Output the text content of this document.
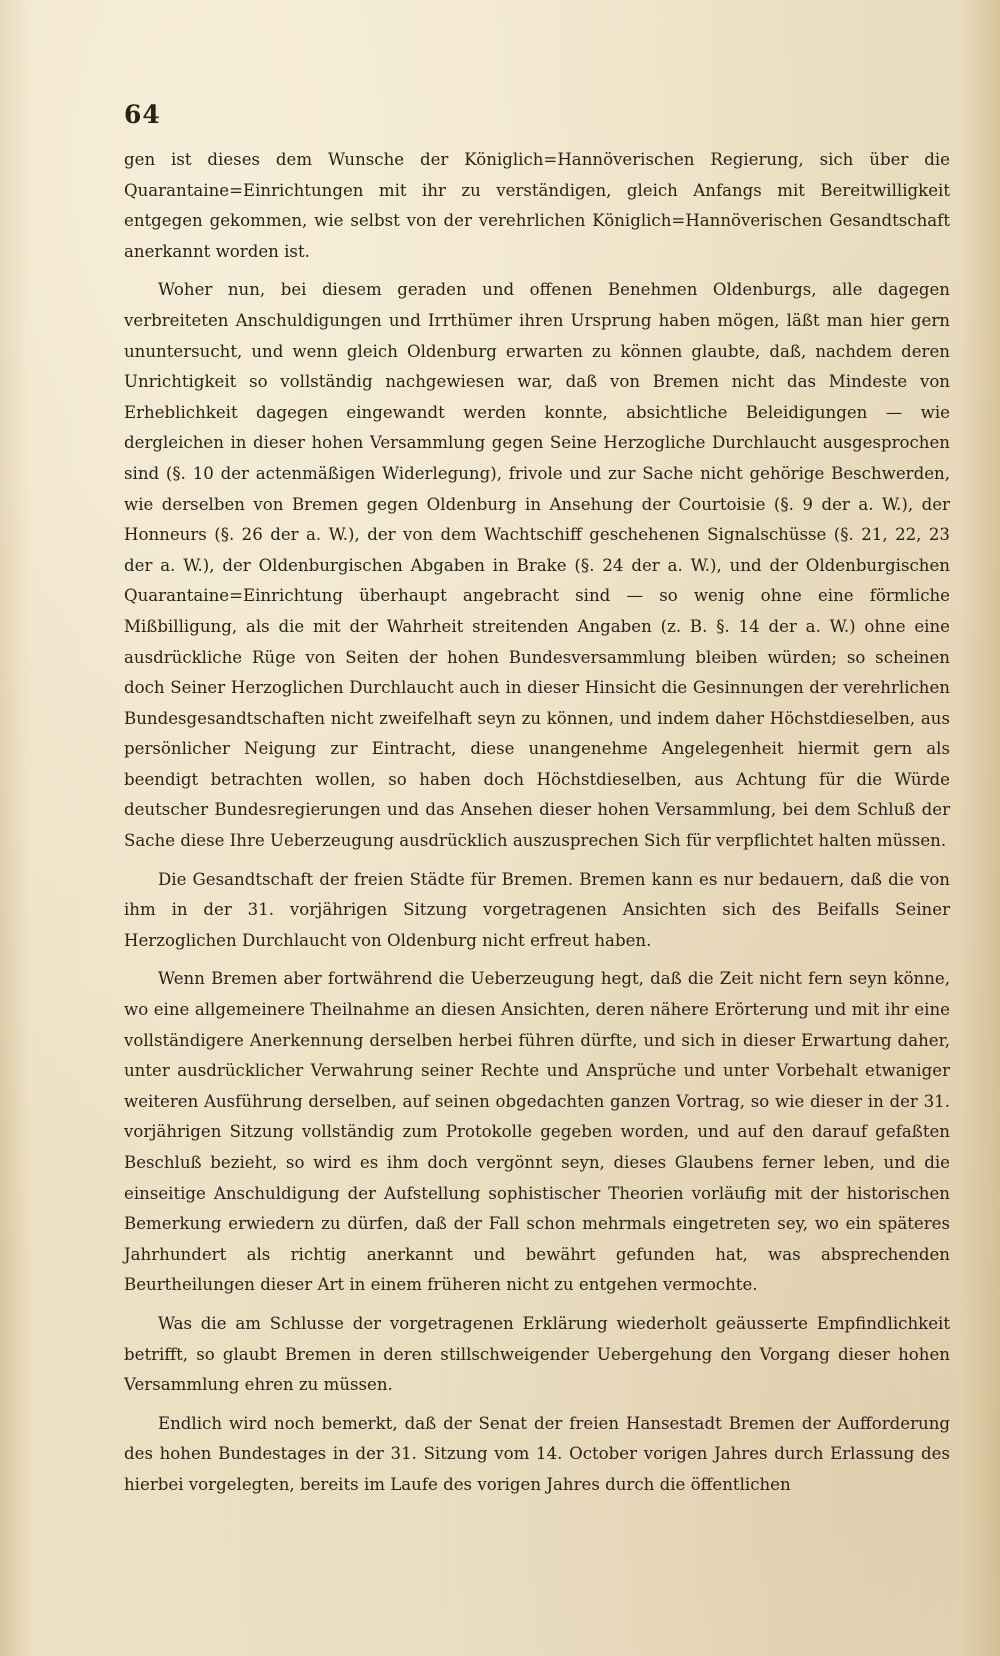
64

gen ist dieses dem Wunsche der Königlich=Hannöverischen Regierung, sich über die Quarantaine=Einrichtungen mit ihr zu verständigen, gleich Anfangs mit Bereitwilligkeit entgegen gekommen, wie selbst von der verehrlichen Königlich=Hannöverischen Gesandtschaft anerkannt worden ist.

Woher nun, bei diesem geraden und offenen Benehmen Oldenburgs, alle dagegen verbreiteten Anschuldigungen und Irrthümer ihren Ursprung haben mögen, läßt man hier gern ununtersucht, und wenn gleich Oldenburg erwarten zu können glaubte, daß, nachdem deren Unrichtigkeit so vollständig nachgewiesen war, daß von Bremen nicht das Mindeste von Erheblichkeit dagegen eingewandt werden konnte, absichtliche Beleidigungen — wie dergleichen in dieser hohen Versammlung gegen Seine Herzogliche Durchlaucht ausgesprochen sind (§. 10 der actenmäßigen Widerlegung), frivole und zur Sache nicht gehörige Beschwerden, wie derselben von Bremen gegen Oldenburg in Ansehung der Courtoisie (§. 9 der a. W.), der Honneurs (§. 26 der a. W.), der von dem Wachtschiff geschehenen Signalschüsse (§. 21, 22, 23 der a. W.), der Oldenburgischen Abgaben in Brake (§. 24 der a. W.), und der Oldenburgischen Quarantaine=Einrichtung überhaupt angebracht sind — so wenig ohne eine förmliche Mißbilligung, als die mit der Wahrheit streitenden Angaben (z. B. §. 14 der a. W.) ohne eine ausdrückliche Rüge von Seiten der hohen Bundesversammlung bleiben würden; so scheinen doch Seiner Herzoglichen Durchlaucht auch in dieser Hinsicht die Gesinnungen der verehrlichen Bundesgesandtschaften nicht zweifelhaft seyn zu können, und indem daher Höchstdieselben, aus persönlicher Neigung zur Eintracht, diese unangenehme Angelegenheit hiermit gern als beendigt betrachten wollen, so haben doch Höchstdieselben, aus Achtung für die Würde deutscher Bundesregierungen und das Ansehen dieser hohen Versammlung, bei dem Schluß der Sache diese Ihre Ueberzeugung ausdrücklich auszusprechen Sich für verpflichtet halten müssen.

Die Gesandtschaft der freien Städte für Bremen. Bremen kann es nur bedauern, daß die von ihm in der 31. vorjährigen Sitzung vorgetragenen Ansichten sich des Beifalls Seiner Herzoglichen Durchlaucht von Oldenburg nicht erfreut haben.

Wenn Bremen aber fortwährend die Ueberzeugung hegt, daß die Zeit nicht fern seyn könne, wo eine allgemeinere Theilnahme an diesen Ansichten, deren nähere Erörterung und mit ihr eine vollständigere Anerkennung derselben herbei führen dürfte, und sich in dieser Erwartung daher, unter ausdrücklicher Verwahrung seiner Rechte und Ansprüche und unter Vorbehalt etwaniger weiteren Ausführung derselben, auf seinen obgedachten ganzen Vortrag, so wie dieser in der 31. vorjährigen Sitzung vollständig zum Protokolle gegeben worden, und auf den darauf gefaßten Beschluß bezieht, so wird es ihm doch vergönnt seyn, dieses Glaubens ferner leben, und die einseitige Anschuldigung der Aufstellung sophistischer Theorien vorläufig mit der historischen Bemerkung erwiedern zu dürfen, daß der Fall schon mehrmals eingetreten sey, wo ein späteres Jahrhundert als richtig anerkannt und bewährt gefunden hat, was absprechenden Beurtheilungen dieser Art in einem früheren nicht zu entgehen vermochte.

Was die am Schlusse der vorgetragenen Erklärung wiederholt geäusserte Empfindlichkeit betrifft, so glaubt Bremen in deren stillschweigender Uebergehung den Vorgang dieser hohen Versammlung ehren zu müssen.

Endlich wird noch bemerkt, daß der Senat der freien Hansestadt Bremen der Aufforderung des hohen Bundestages in der 31. Sitzung vom 14. October vorigen Jahres durch Erlassung des hierbei vorgelegten, bereits im Laufe des vorigen Jahres durch die öffentlichen
